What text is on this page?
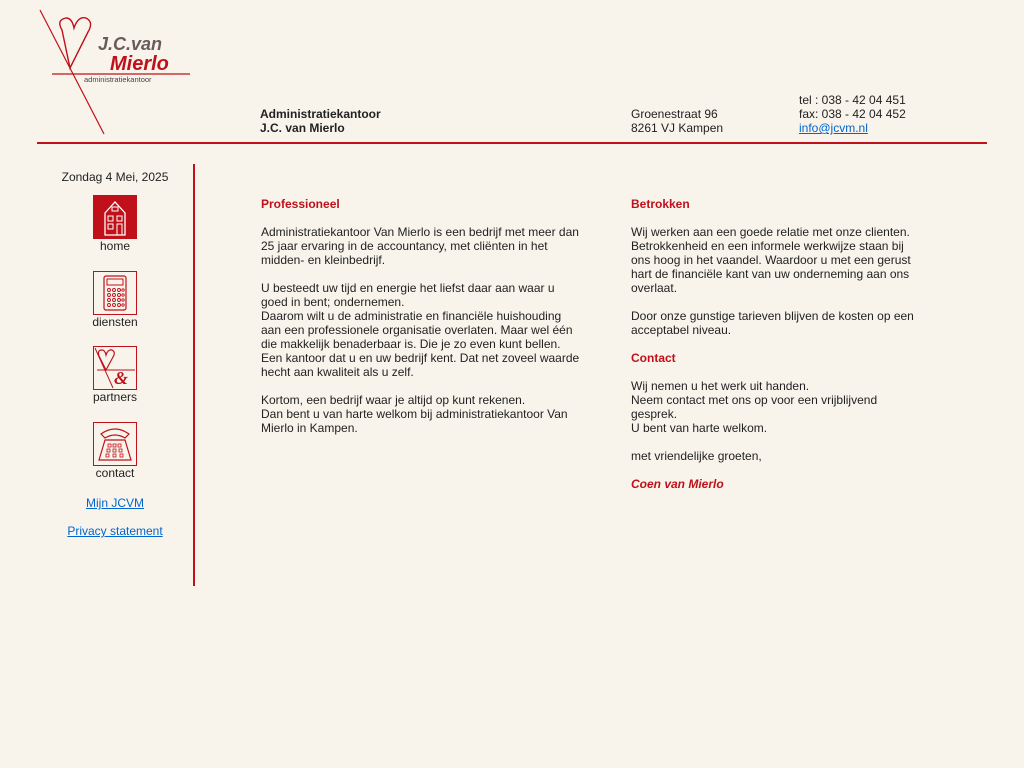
J.C.van
Mierlo
administratiekantoor
Administratiekantoor
J.C. van Mierlo
Groenestraat 96
8261 VJ Kampen
tel : 038 - 42 04 451
fax: 038 - 42 04 452
info@jcvm.nl
Zondag 4 Mei, 2025
home
diensten
&
partners
contact
Mijn JCVM
Privacy statement

Professioneel

Administratiekantoor Van Mierlo is een bedrijf met meer dan 25 jaar ervaring in de accountancy, met cliënten in het midden- en kleinbedrijf.

U besteedt uw tijd en energie het liefst daar aan waar u goed in bent; ondernemen.

Daarom wilt u de administratie en financiële huishouding aan een professionele organisatie overlaten. Maar wel één die makkelijk benaderbaar is. Die je zo even kunt bellen. Een kantoor dat u en uw bedrijf kent. Dat net zoveel waarde hecht aan kwaliteit als u zelf.

Kortom, een bedrijf waar je altijd op kunt rekenen.

Dan bent u van harte welkom bij administratiekantoor Van Mierlo in Kampen.

Betrokken

Wij werken aan een goede relatie met onze clienten. Betrokkenheid en een informele werkwijze staan bij ons hoog in het vaandel. Waardoor u met een gerust hart de financiële kant van uw onderneming aan ons overlaat.

Door onze gunstige tarieven blijven de kosten op een acceptabel niveau.

Contact

Wij nemen u het werk uit handen.

Neem contact met ons op voor een vrijblijvend gesprek.

U bent van harte welkom.

met vriendelijke groeten,

Coen van Mierlo
